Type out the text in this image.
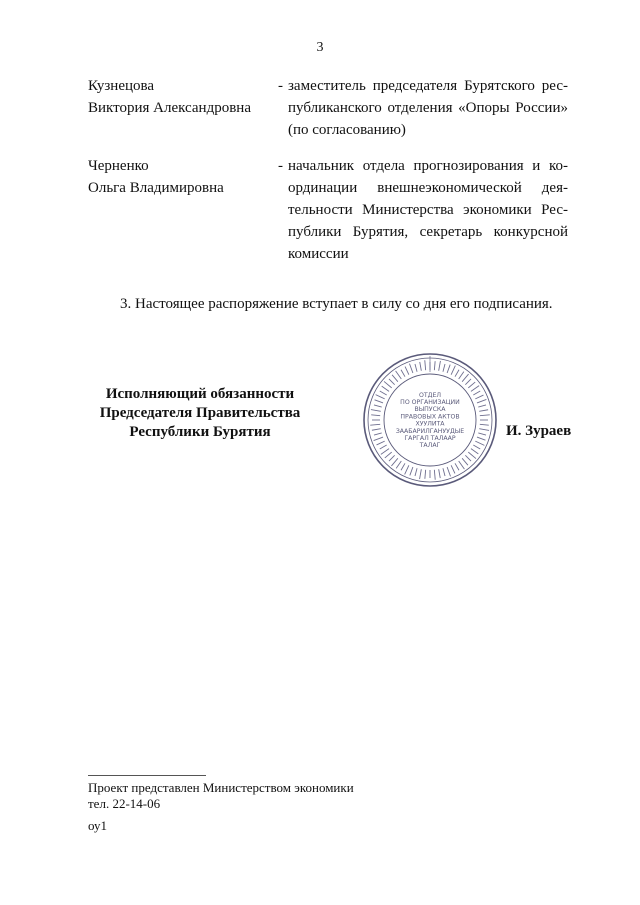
3
Кузнецова
Виктория Александровна
- заместитель председателя Бурятского рес-
публиканского отделения «Опоры России»
(по согласованию)
Черненко
Ольга Владимировна
- начальник отдела прогнозирования и ко-
ординации внешнеэкономической дея-
тельности Министерства экономики Рес-
публики Бурятия, секретарь конкурсной
комиссии
3. Настоящее распоряжение вступает в силу со дня его подписания.
Исполняющий обязанности
Председателя Правительства
Республики Бурятия
ОТДЕЛ
ПО ОРГАНИЗАЦИИ
ВЫПУСКА
ПРАВОВЫХ АКТОВ
ХУУЛИТА
ЗААБАРИЛГАНУУДЫЕ
ГАРГАЛ ТАЛААР
ТАЛАГ
И. Зураев
Проект представлен Министерством экономики
тел. 22-14-06
оу1
